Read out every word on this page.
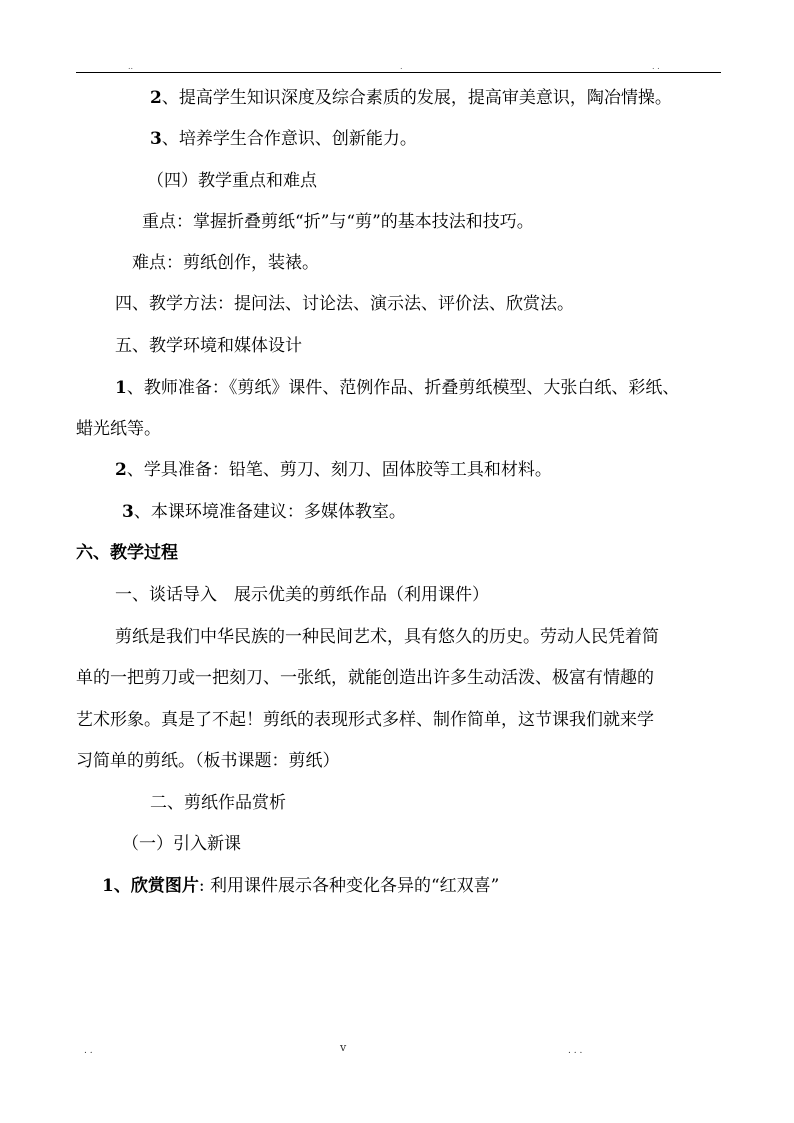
..	.	. .
2、提高学生知识深度及综合素质的发展，提高审美意识，陶冶情操。
3、培养学生合作意识、创新能力。
（四）教学重点和难点
重点：掌握折叠剪纸“折”与“剪”的基本技法和技巧。
难点：剪纸创作，装裱。
四、教学方法：提问法、讨论法、演示法、评价法、欣赏法。
五、教学环境和媒体设计
1、教师准备：《剪纸》课件、范例作品、折叠剪纸模型、大张白纸、彩纸、
蜡光纸等。
2、学具准备：铅笔、剪刀、刻刀、固体胶等工具和材料。
3、本课环境准备建议：多媒体教室。
六、教学过程
一、谈话导入　展示优美的剪纸作品（利用课件）
剪纸是我们中华民族的一种民间艺术，具有悠久的历史。劳动人民凭着简
单的一把剪刀或一把刻刀、一张纸，就能创造出许多生动活泼、极富有情趣的
艺术形象。真是了不起！剪纸的表现形式多样、制作简单，这节课我们就来学
习简单的剪纸。（板书课题：剪纸）
二、剪纸作品赏析
（一）引入新课
1、欣赏图片: 利用课件展示各种变化各异的“红双喜”
. .	v	. . .
